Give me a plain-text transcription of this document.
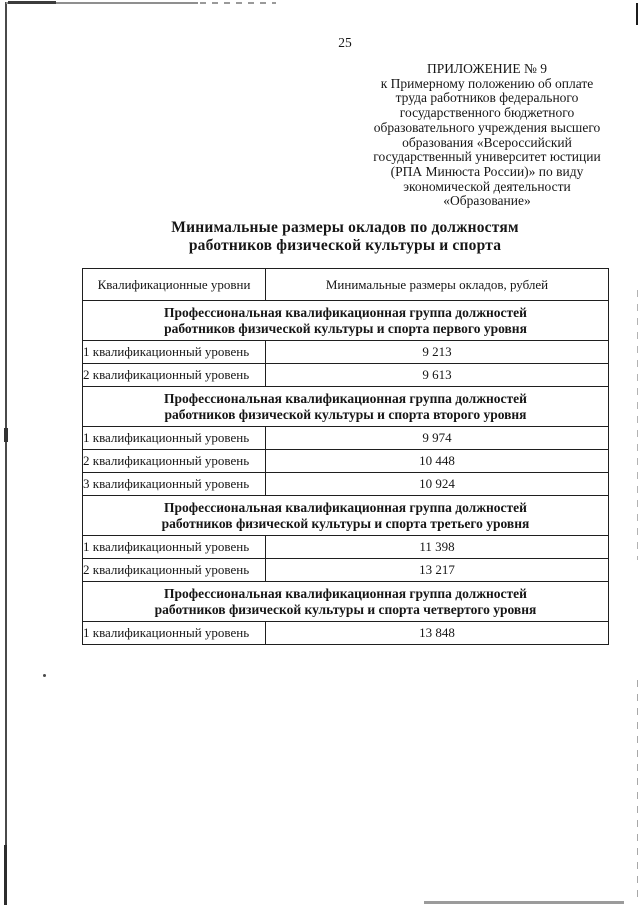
25
ПРИЛОЖЕНИЕ № 9
к Примерному положению об оплате
труда работников федерального
государственного бюджетного
образовательного учреждения высшего
образования «Всероссийский
государственный университет юстиции
(РПА Минюста России)» по виду
экономической деятельности
«Образование»
Минимальные размеры окладов по должностям
работников физической культуры и спорта
Квалификационные уровни	Минимальные размеры окладов, рублей

Профессиональная квалификационная группа должностей
работников физической культуры и спорта первого уровня	

1 квалификационный уровень	9 213
2 квалификационный уровень	9 613

Профессиональная квалификационная группа должностей
работников физической культуры и спорта второго уровня	

1 квалификационный уровень	9 974
2 квалификационный уровень	10 448
3 квалификационный уровень	10 924

Профессиональная квалификационная группа должностей
работников физической культуры и спорта третьего уровня	

1 квалификационный уровень	11 398
2 квалификационный уровень	13 217

Профессиональная квалификационная группа должностей
работников физической культуры и спорта четвертого уровня	

1 квалификационный уровень	13 848
